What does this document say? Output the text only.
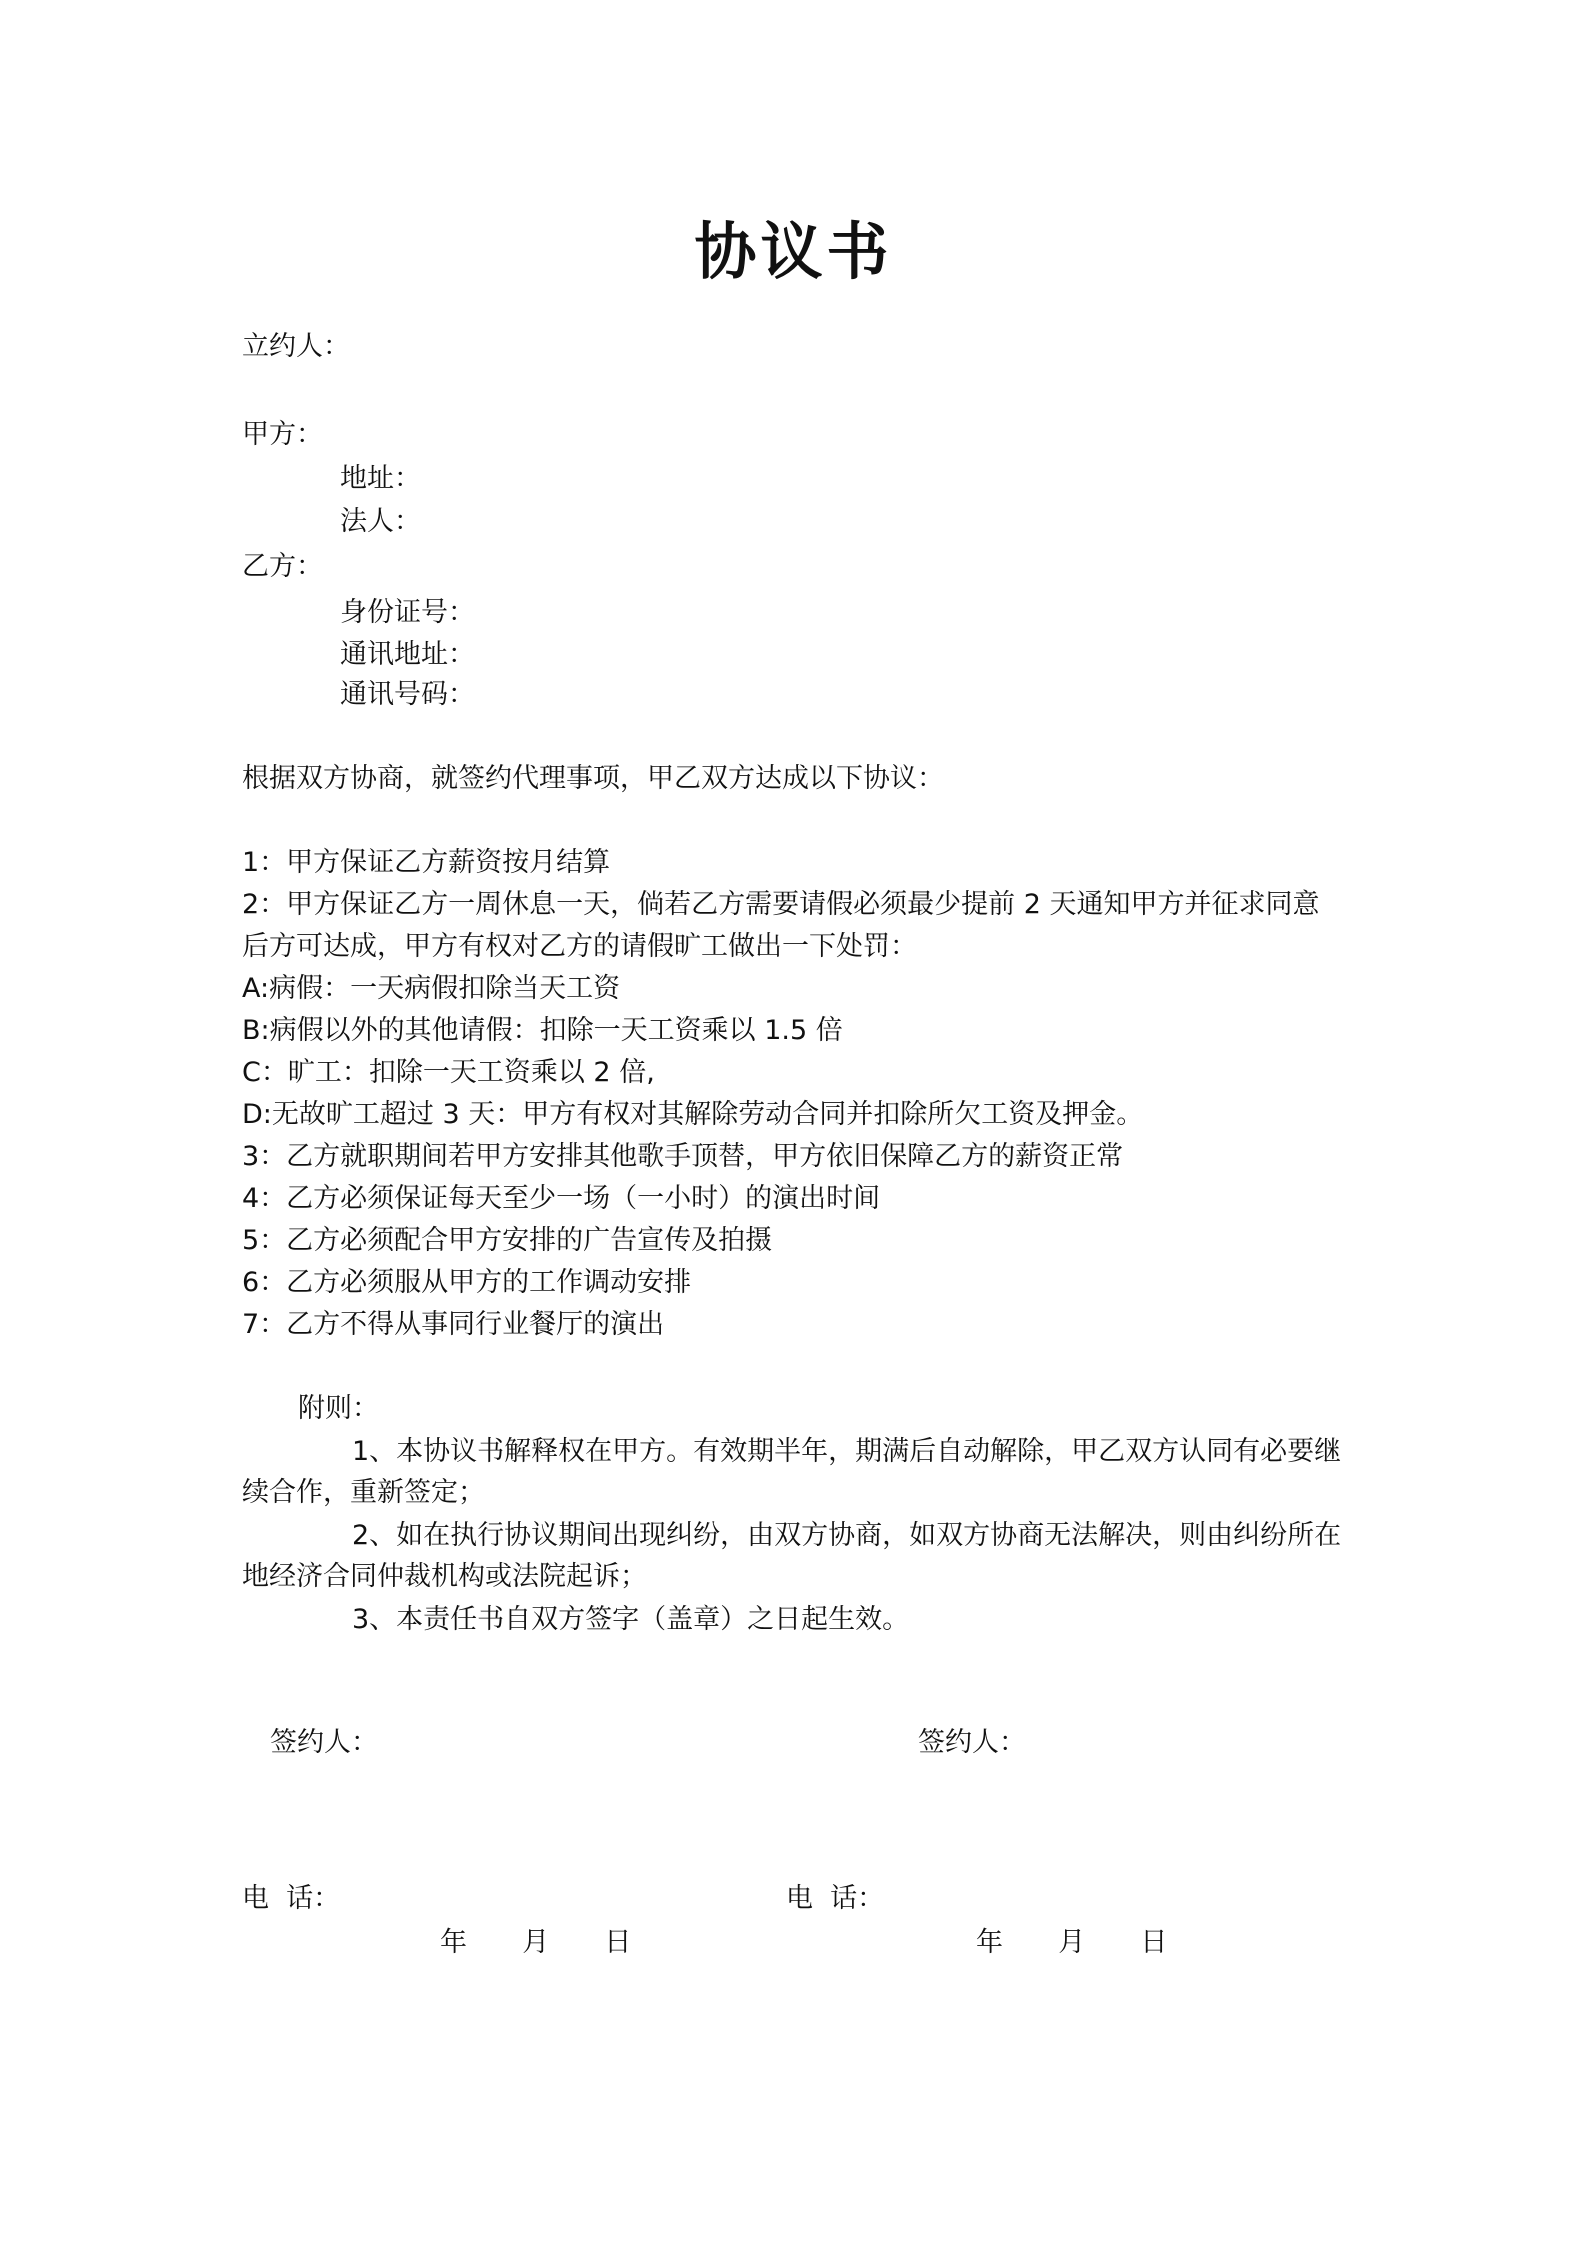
协议书
立约人：
甲方：
地址：
法人：
乙方：
身份证号：
通讯地址：
通讯号码：
根据双方协商，就签约代理事项，甲乙双方达成以下协议：
1：甲方保证乙方薪资按月结算
2：甲方保证乙方一周休息一天，倘若乙方需要请假必须最少提前 2 天通知甲方并征求同意
后方可达成，甲方有权对乙方的请假旷工做出一下处罚：
A:病假：一天病假扣除当天工资
B:病假以外的其他请假：扣除一天工资乘以 1.5 倍
C：旷工：扣除一天工资乘以 2 倍,
D:无故旷工超过 3 天：甲方有权对其解除劳动合同并扣除所欠工资及押金。
3：乙方就职期间若甲方安排其他歌手顶替，甲方依旧保障乙方的薪资正常
4：乙方必须保证每天至少一场（一小时）的演出时间
5：乙方必须配合甲方安排的广告宣传及拍摄
6：乙方必须服从甲方的工作调动安排
7：乙方不得从事同行业餐厅的演出
附则：
1、本协议书解释权在甲方。有效期半年，期满后自动解除，甲乙双方认同有必要继续合作，重新签定；
2、如在执行协议期间出现纠纷，由双方协商，如双方协商无法解决，则由纠纷所在地经济合同仲裁机构或法院起诉；
3、本责任书自双方签字（盖章）之日起生效。
签约人：	签约人：
电  话：	电  话：
年 月 日	年 月 日
